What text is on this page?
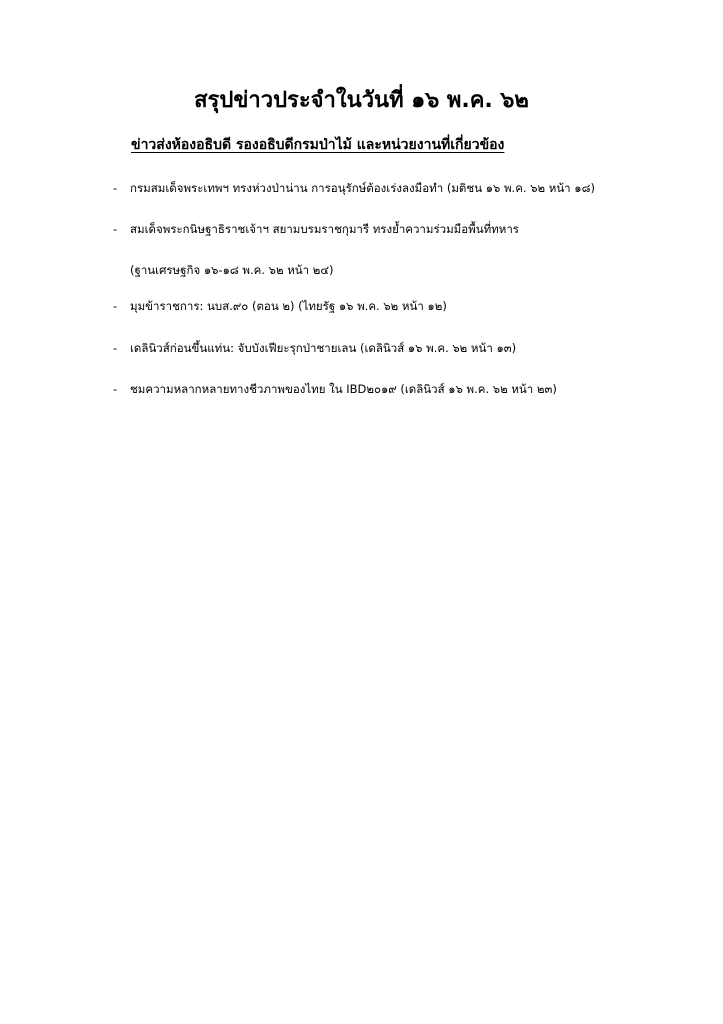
สรุปข่าวประจำในวันที่ ๑๖ พ.ค. ๖๒
ข่าวส่งห้องอธิบดี รองอธิบดีกรมป่าไม้ และหน่วยงานที่เกี่ยวข้อง
- กรมสมเด็จพระเทพฯ ทรงห่วงป่าน่าน การอนุรักษ์ต้องเร่งลงมือทำ (มติชน ๑๖ พ.ค. ๖๒ หน้า ๑๘)
- สมเด็จพระกนิษฐาธิราชเจ้าฯ สยามบรมราชกุมารี ทรงย้ำความร่วมมือพื้นที่ทหาร
(ฐานเศรษฐกิจ ๑๖-๑๘ พ.ค. ๖๒ หน้า ๒๔)
- มุมข้าราชการ: นบส.๙๐ (ตอน ๒) (ไทยรัฐ ๑๖ พ.ค. ๖๒ หน้า ๑๒)
- เดลินิวส์ก่อนขึ้นแท่น: จับบังเฟียะรุกป่าชายเลน (เดลินิวส์ ๑๖ พ.ค. ๖๒ หน้า ๑๓)
- ชมความหลากหลายทางชีวภาพของไทย ใน IBD๒๐๑๙ (เดลินิวส์ ๑๖ พ.ค. ๖๒ หน้า ๒๓)
